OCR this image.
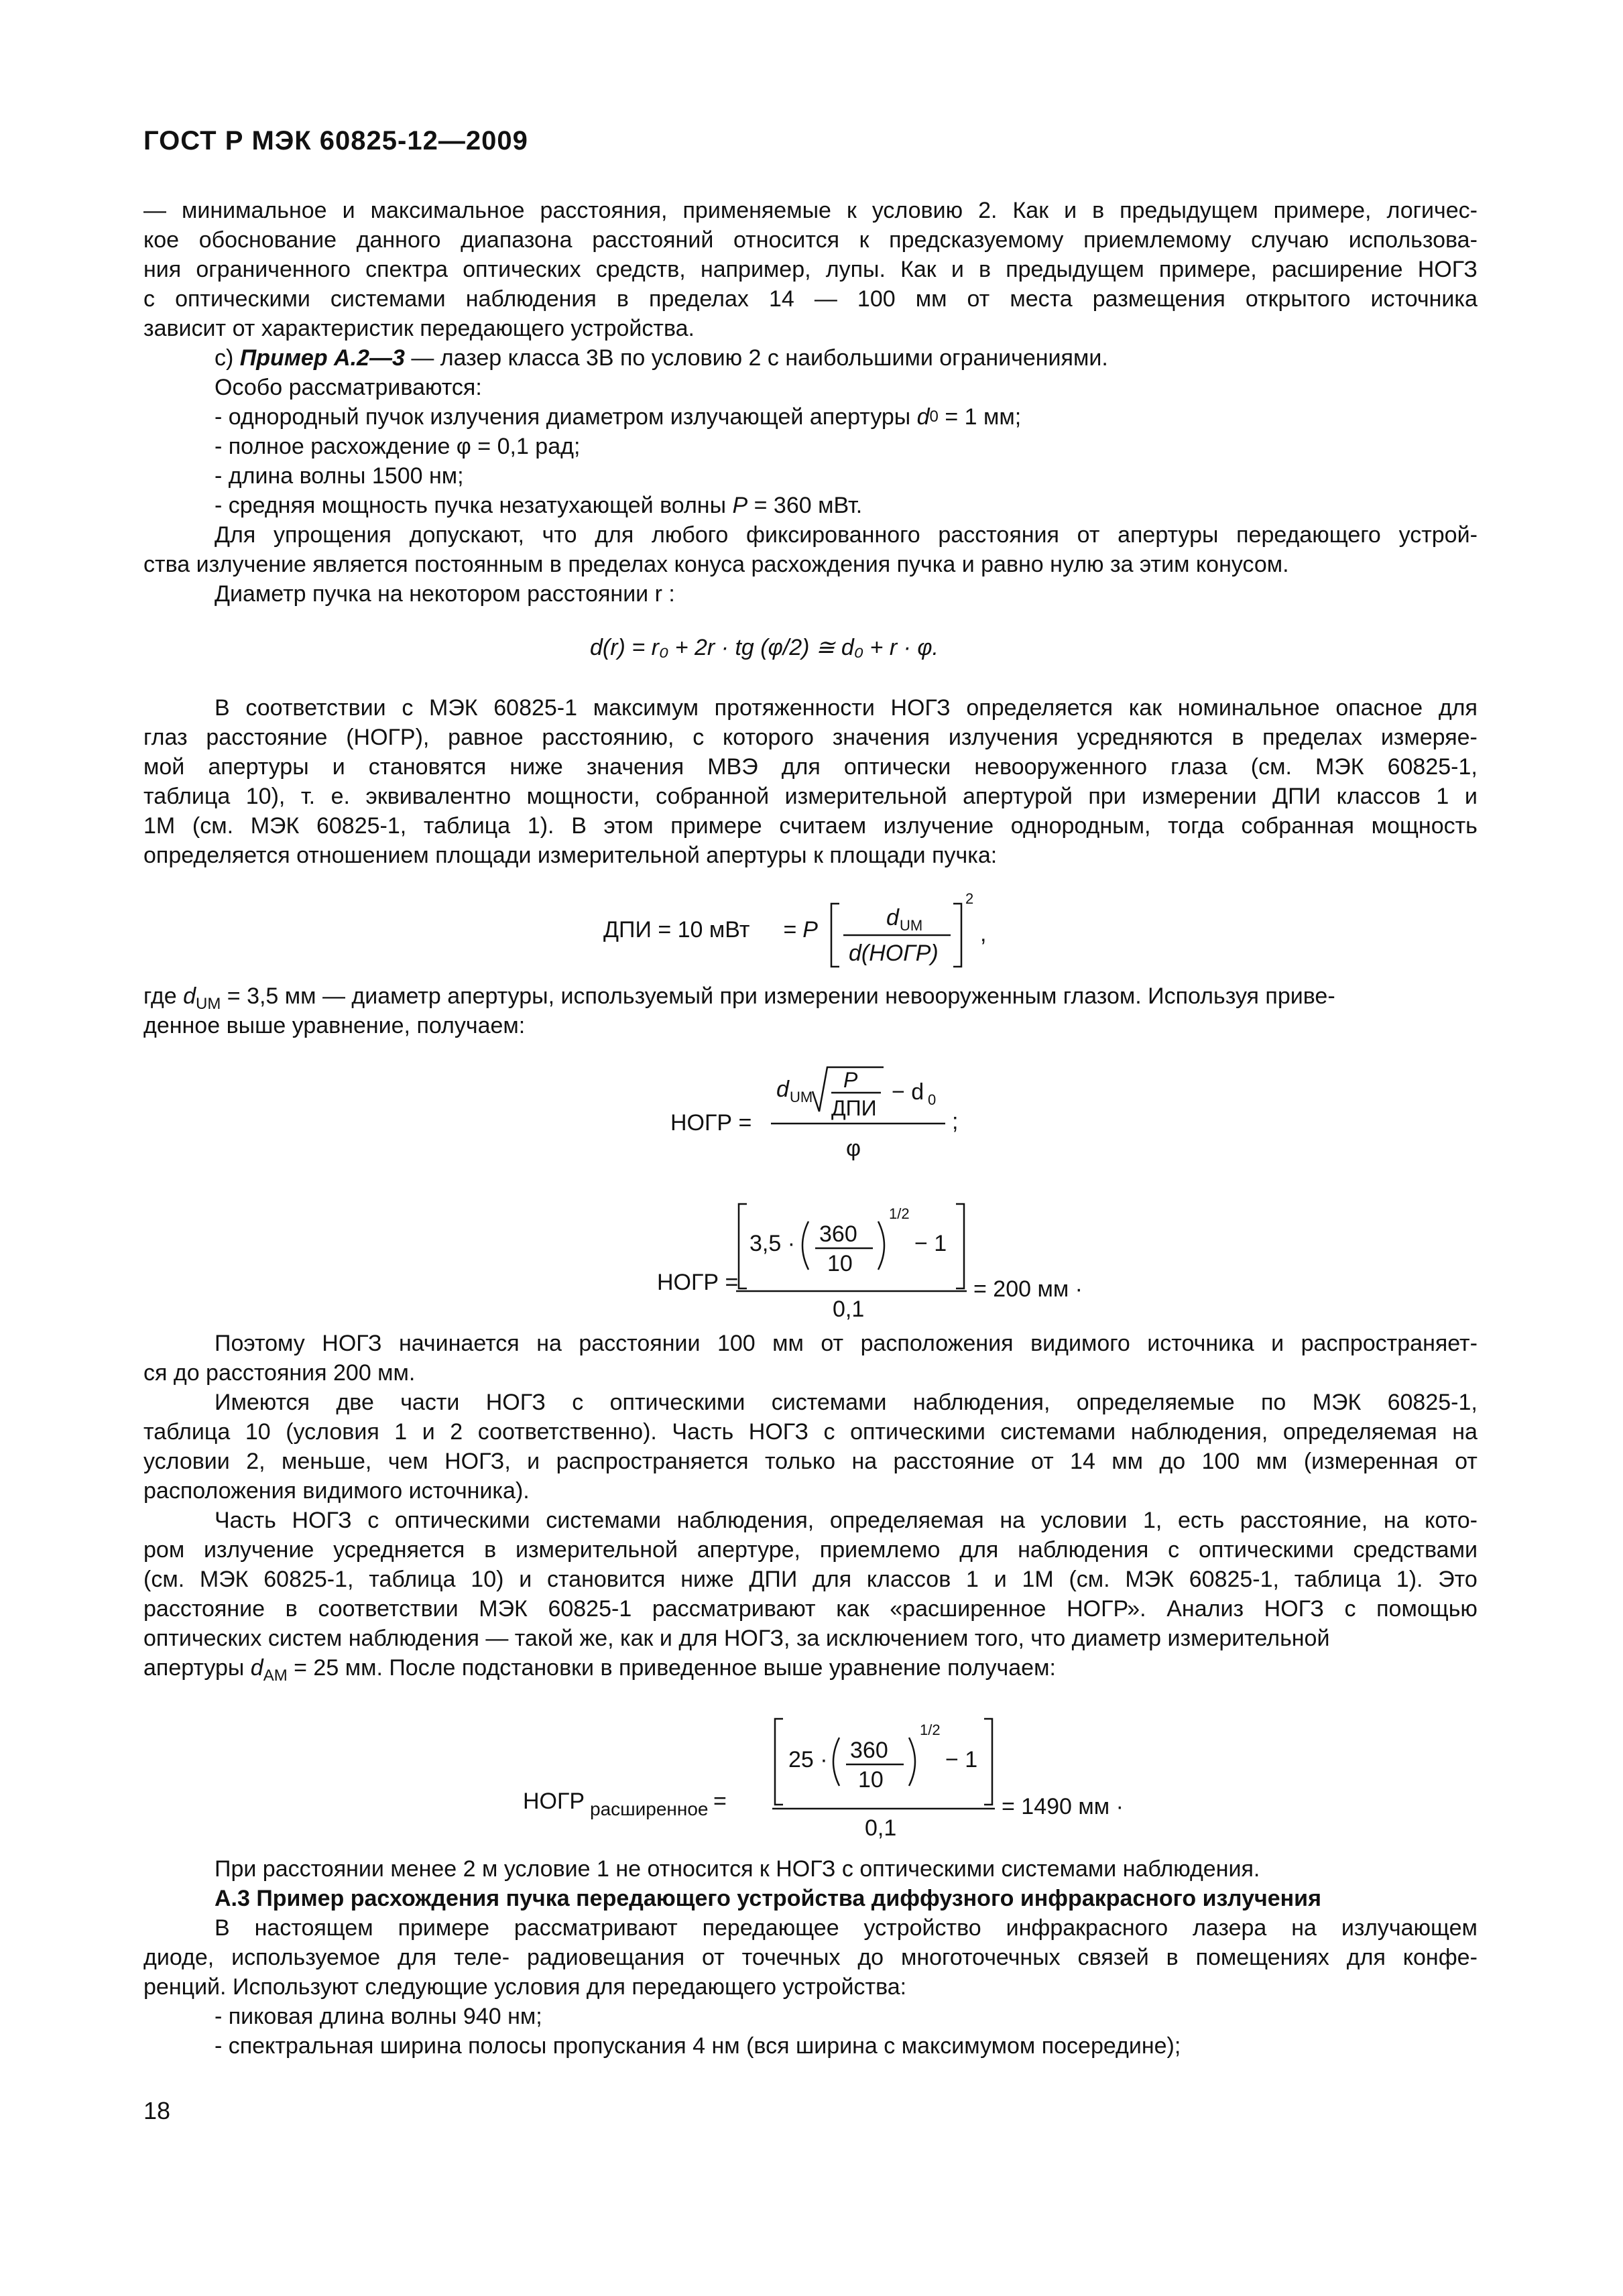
ГОСТ Р МЭК 60825-12—2009
— минимальное и максимальное расстояния, применяемые к условию 2. Как и в предыдущем примере, логичес-
кое обоснование данного диапазона расстояний относится к предсказуемому приемлемому случаю использова-
ния ограниченного спектра оптических средств, например, лупы. Как и в предыдущем примере, расширение НОГЗ
с оптическими системами наблюдения в пределах 14 — 100 мм от места размещения открытого источника
зависит от характеристик передающего устройства.
с) Пример А.2—3 — лазер класса 3В по условию 2 с наибольшими ограничениями.
Особо рассматриваются:
- однородный пучок излучения диаметром излучающей апертуры d 0 = 1 мм;
- полное расхождение φ = 0,1 рад;
- длина волны 1500 нм;
- средняя мощность пучка незатухающей волны P = 360 мВт.
Для упрощения допускают, что для любого фиксированного расстояния от апертуры передающего устрой-
ства излучение является постоянным в пределах конуса расхождения пучка и равно нулю за этим конусом.
Диаметр пучка на некотором расстоянии r :
d(r) = r₀ + 2r · tg (φ/2) ≅ d₀ + r · φ.
В соответствии с МЭК 60825-1 максимум протяженности НОГЗ определяется как номинальное опасное для
глаз расстояние (НОГР), равное расстоянию, с которого значения излучения усредняются в пределах измеряе-
мой апертуры и становятся ниже значения МВЭ для оптически невооруженного глаза (см. МЭК 60825-1,
таблица 10), т. е. эквивалентно мощности, собранной измерительной апертурой при измерении ДПИ классов 1 и
1М (см. МЭК 60825-1, таблица 1). В этом примере считаем излучение однородным, тогда собранная мощность
определяется отношением площади измерительной апертуры к площади пучка:
ДПИ = 10 мВт = P	d UM
d(НОГР)
2
,
где $d_{UM} = 3,5$ мм — диаметр апертуры, используемый при измерении невооруженным глазом. Используя приве-
денное выше уравнение, получаем:
НОГР =
d UM
P
ДПИ
− d 0
φ
;
НОГР =
3,5 · 360
10
1/2
− 1
0,1
= 200 мм ·
Поэтому НОГЗ начинается на расстоянии 100 мм от расположения видимого источника и распространяет-
ся до расстояния 200 мм.
Имеются две части НОГЗ с оптическими системами наблюдения, определяемые по МЭК 60825-1,
таблица 10 (условия 1 и 2 соответственно). Часть НОГЗ с оптическими системами наблюдения, определяемая на
условии 2, меньше, чем НОГЗ, и распространяется только на расстояние от 14 мм до 100 мм (измеренная от
расположения видимого источника).
Часть НОГЗ с оптическими системами наблюдения, определяемая на условии 1, есть расстояние, на кото-
ром излучение усредняется в измерительной апертуре, приемлемо для наблюдения с оптическими средствами
(см. МЭК 60825-1, таблица 10) и становится ниже ДПИ для классов 1 и 1М (см. МЭК 60825-1, таблица 1). Это
расстояние в соответствии МЭК 60825-1 рассматривают как «расширенное НОГР». Анализ НОГЗ с помощью
оптических систем наблюдения — такой же, как и для НОГЗ, за исключением того, что диаметр измерительной
апертуры $d_{AM} = 25$ мм. После подстановки в приведенное выше уравнение получаем:
НОГР расширенное =
25 · 360
10
1/2
− 1
0,1
= 1490 мм ·
При расстоянии менее 2 м условие 1 не относится к НОГЗ с оптическими системами наблюдения.
А.3 Пример расхождения пучка передающего устройства диффузного инфракрасного излучения
В настоящем примере рассматривают передающее устройство инфракрасного лазера на излучающем
диоде, используемое для теле- радиовещания от точечных до многоточечных связей в помещениях для конфе-
ренций. Используют следующие условия для передающего устройства:
- пиковая длина волны 940 нм;
- спектральная ширина полосы пропускания 4 нм (вся ширина с максимумом посередине);
18
